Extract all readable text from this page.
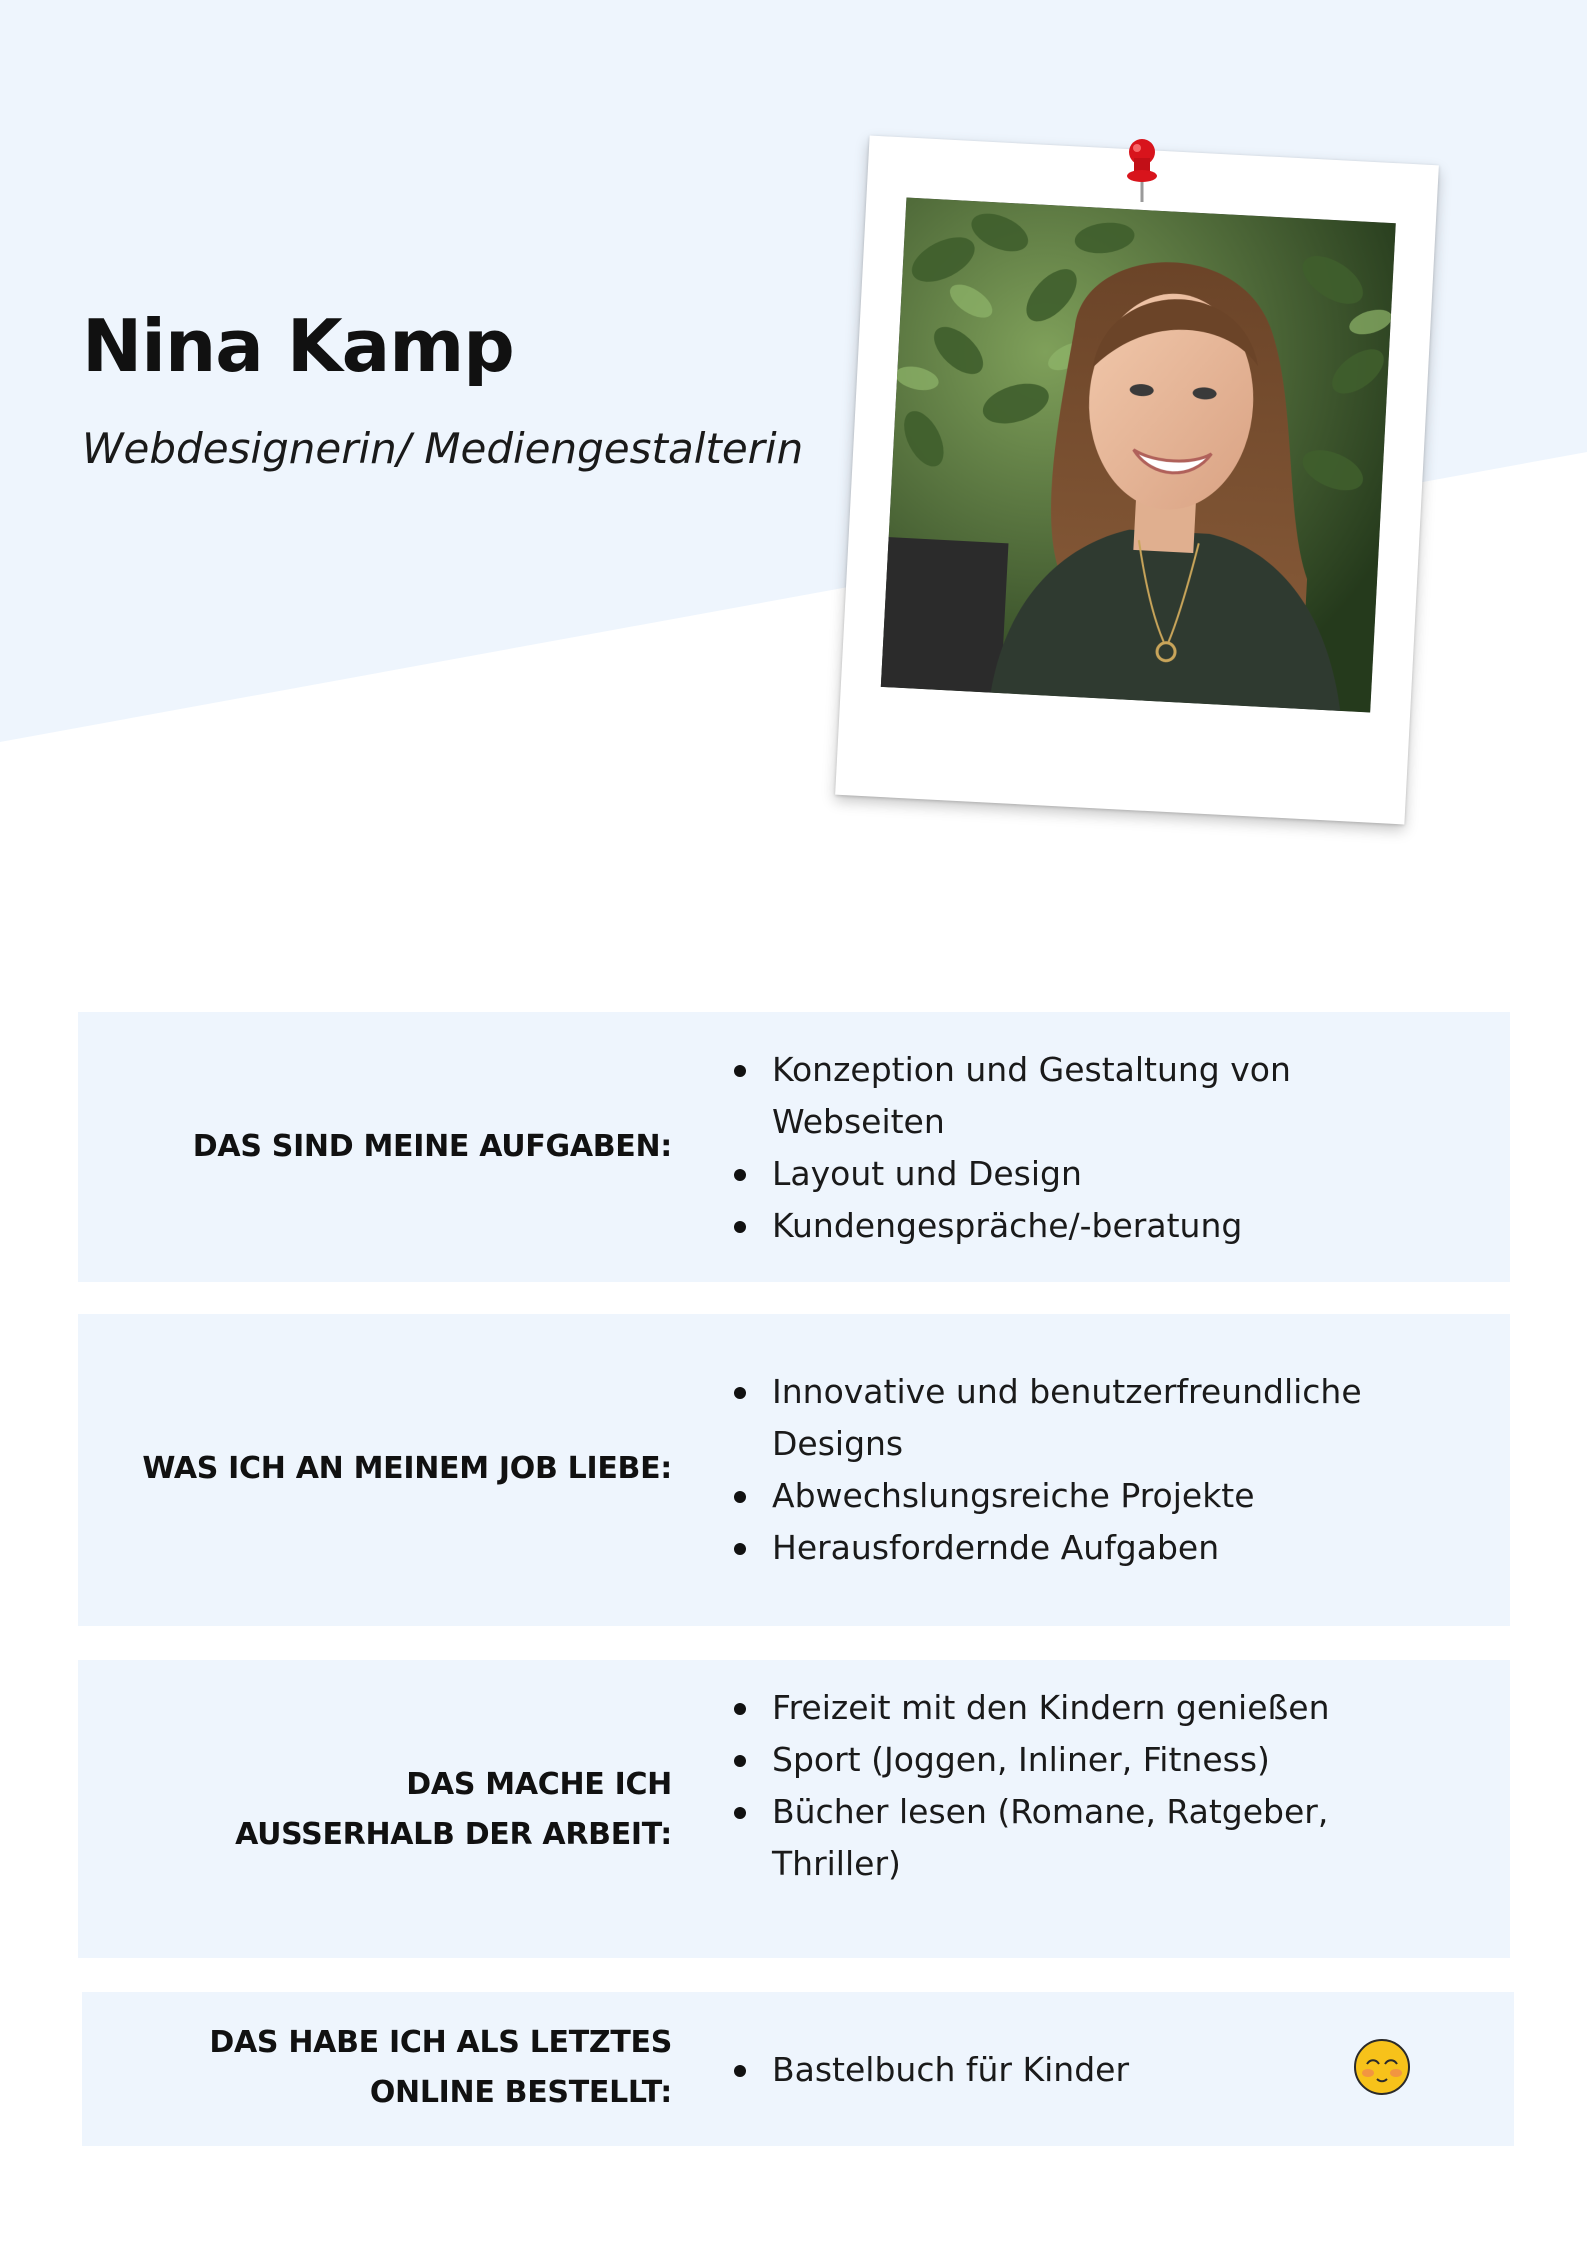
Nina Kamp

Webdesignerin/ Mediengestalterin

DAS SIND MEINE AUFGABEN:
Konzeption und Gestaltung von Webseiten
Layout und Design
Kundengespräche/-beratung
WAS ICH AN MEINEM JOB LIEBE:
Innovative und benutzerfreundliche Designs
Abwechslungsreiche Projekte
Herausfordernde Aufgaben
DAS MACHE ICH
AUSSERHALB DER ARBEIT:
Freizeit mit den Kindern genießen
Sport (Joggen, Inliner, Fitness)
Bücher lesen (Romane, Ratgeber, Thriller)
DAS HABE ICH ALS LETZTES
ONLINE BESTELLT:
Bastelbuch für Kinder
